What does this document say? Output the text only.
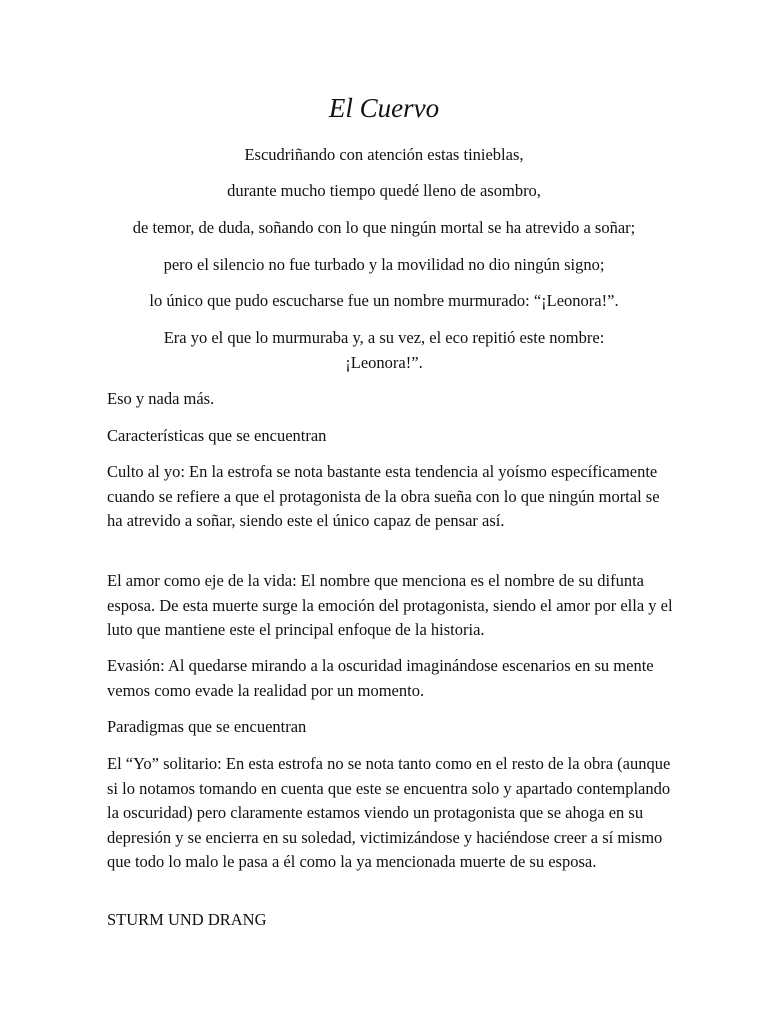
El Cuervo

Escudriñando con atención estas tinieblas,

durante mucho tiempo quedé lleno de asombro,

de temor, de duda, soñando con lo que ningún mortal se ha atrevido a soñar;

pero el silencio no fue turbado y la movilidad no dio ningún signo;

lo único que pudo escucharse fue un nombre murmurado: “¡Leonora!”.

Era yo el que lo murmuraba y, a su vez, el eco repitió este nombre:

¡Leonora!”.

Eso y nada más.

Características que se encuentran

Culto al yo: En la estrofa se nota bastante esta tendencia al yoísmo específicamente cuando se refiere a que el protagonista de la obra sueña con lo que ningún mortal se ha atrevido a soñar, siendo este el único capaz de pensar así.

El amor como eje de la vida: El nombre que menciona es el nombre de su difunta esposa. De esta muerte surge la emoción del protagonista, siendo el amor por ella y el luto que mantiene este el principal enfoque de la historia.

Evasión: Al quedarse mirando a la oscuridad imaginándose escenarios en su mente vemos como evade la realidad por un momento.

Paradigmas que se encuentran

El “Yo” solitario: En esta estrofa no se nota tanto como en el resto de la obra (aunque si lo notamos tomando en cuenta que este se encuentra solo y apartado contemplando la oscuridad) pero claramente estamos viendo un protagonista que se ahoga en su depresión y se encierra en su soledad, victimizándose y haciéndose creer a sí mismo que todo lo malo le pasa a él como la ya mencionada muerte de su esposa.

STURM UND DRANG
